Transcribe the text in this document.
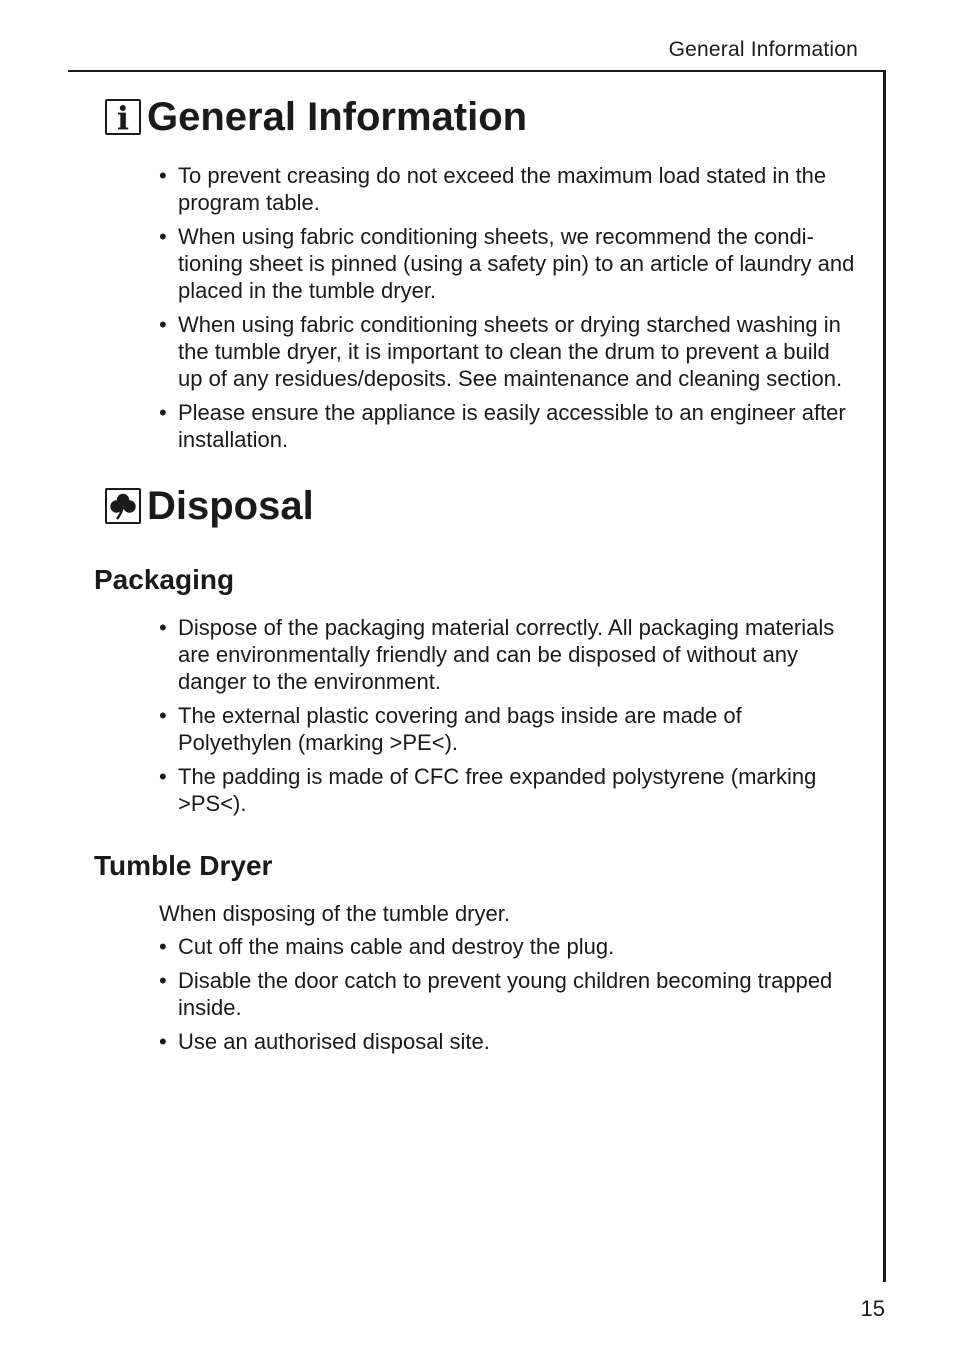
General Information
i General Information
• To prevent creasing do not exceed the maximum load stated in the program table.
• When using fabric conditioning sheets, we recommend the condi-tioning sheet is pinned (using a safety pin) to an article of laundry and placed in the tumble dryer.
• When using fabric conditioning sheets or drying starched washing in the tumble dryer, it is important to clean the drum to prevent a build up of any residues/deposits. See maintenance and cleaning section.
• Please ensure the appliance is easily accessible to an engineer after installation.
Disposal
Packaging
• Dispose of the packaging material correctly. All packaging materials are environmentally friendly and can be disposed of without any danger to the environment.
• The external plastic covering and bags inside are made of Polyethylen (marking >PE<).
• The padding is made of CFC free expanded polystyrene (marking >PS<).
Tumble Dryer

When disposing of the tumble dryer.

• Cut off the mains cable and destroy the plug.
• Disable the door catch to prevent young children becoming trapped inside.
• Use an authorised disposal site.
15
